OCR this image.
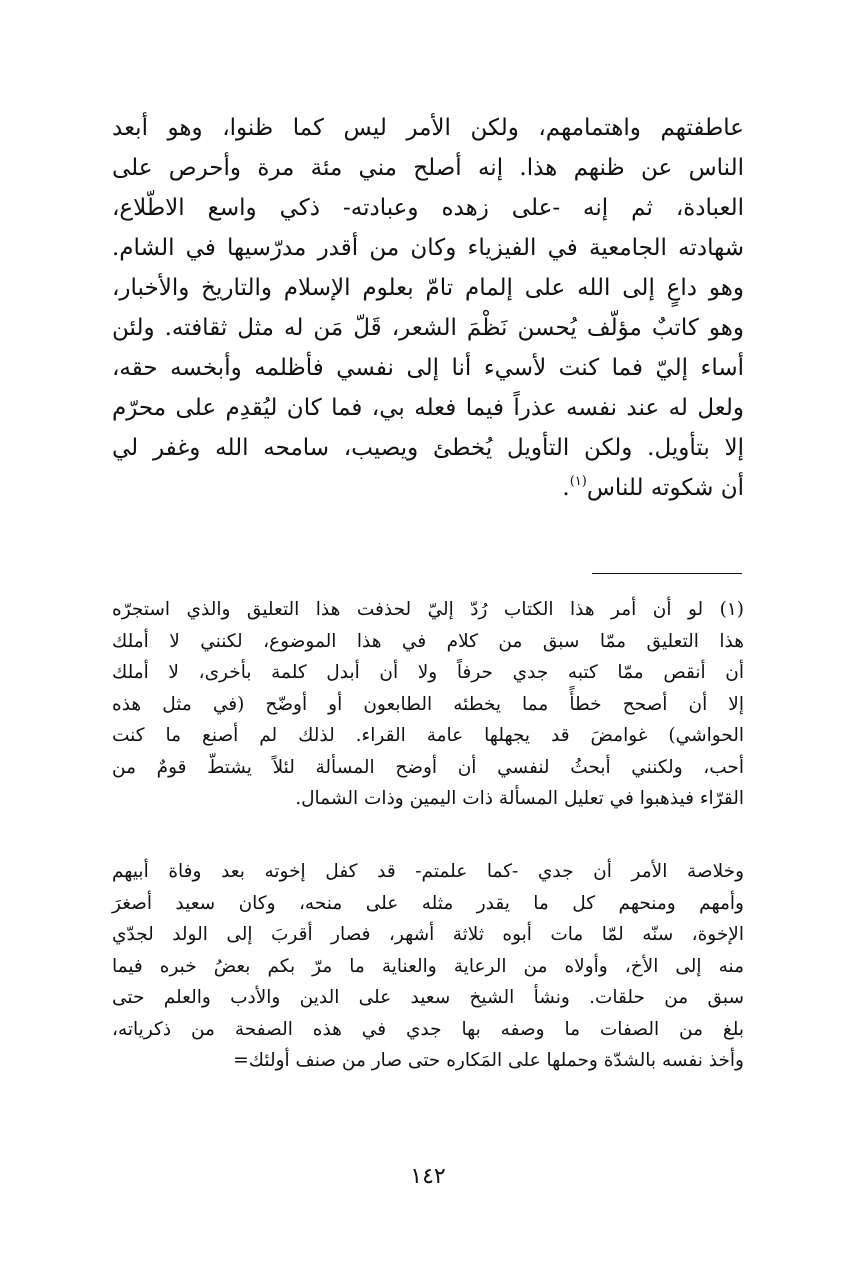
عاطفتهم واهتمامهم، ولكن الأمر ليس كما ظنوا، وهو أبعد
الناس عن ظنهم هذا. إنه أصلح مني مئة مرة وأحرص على
العبادة، ثم إنه -على زهده وعبادته- ذكي واسع الاطّلاع،
شهادته الجامعية في الفيزياء وكان من أقدر مدرّسيها في الشام.
وهو داعٍ إلى الله على إلمام تامّ بعلوم الإسلام والتاريخ والأخبار،
وهو كاتبٌ مؤلّف يُحسن نَظْمَ الشعر، قَلّ مَن له مثل ثقافته. ولئن
أساء إليّ فما كنت لأسيء أنا إلى نفسي فأظلمه وأبخسه حقه،
ولعل له عند نفسه عذراً فيما فعله بي، فما كان ليُقدِم على محرّم
إلا بتأويل. ولكن التأويل يُخطئ ويصيب، سامحه الله وغفر لي
أن شكوته للناس$^{(١)}$.
(١) لو أن أمر هذا الكتاب رُدّ إليّ لحذفت هذا التعليق والذي استجرّه
هذا التعليق ممّا سبق من كلام في هذا الموضوع، لكنني لا أملك
أن أنقص ممّا كتبه جدي حرفاً ولا أن أبدل كلمة بأخرى، لا أملك
إلا أن أصحح خطأً مما يخطئه الطابعون أو أوضّح (في مثل هذه
الحواشي) غوامضَ قد يجهلها عامة القراء. لذلك لم أصنع ما كنت
أحب، ولكنني أبحثُ لنفسي أن أوضح المسألة لئلاً يشتطّ قومٌ من
القرّاء فيذهبوا في تعليل المسألة ذات اليمين وذات الشمال.
وخلاصة الأمر أن جدي -كما علمتم- قد كفل إخوته بعد وفاة أبيهم
وأمهم ومنحهم كل ما يقدر مثله على منحه، وكان سعيد أصغرَ
الإخوة، سنّه لمّا مات أبوه ثلاثة أشهر، فصار أقربَ إلى الولد لجدّي
منه إلى الأخ، وأولاه من الرعاية والعناية ما مرّ بكم بعضُ خبره فيما
سبق من حلقات. ونشأ الشيخ سعيد على الدين والأدب والعلم حتى
بلغ من الصفات ما وصفه بها جدي في هذه الصفحة من ذكرياته،
وأخذ نفسه بالشدّة وحملها على المَكاره حتى صار من صنف أولئك=
١٤٢
